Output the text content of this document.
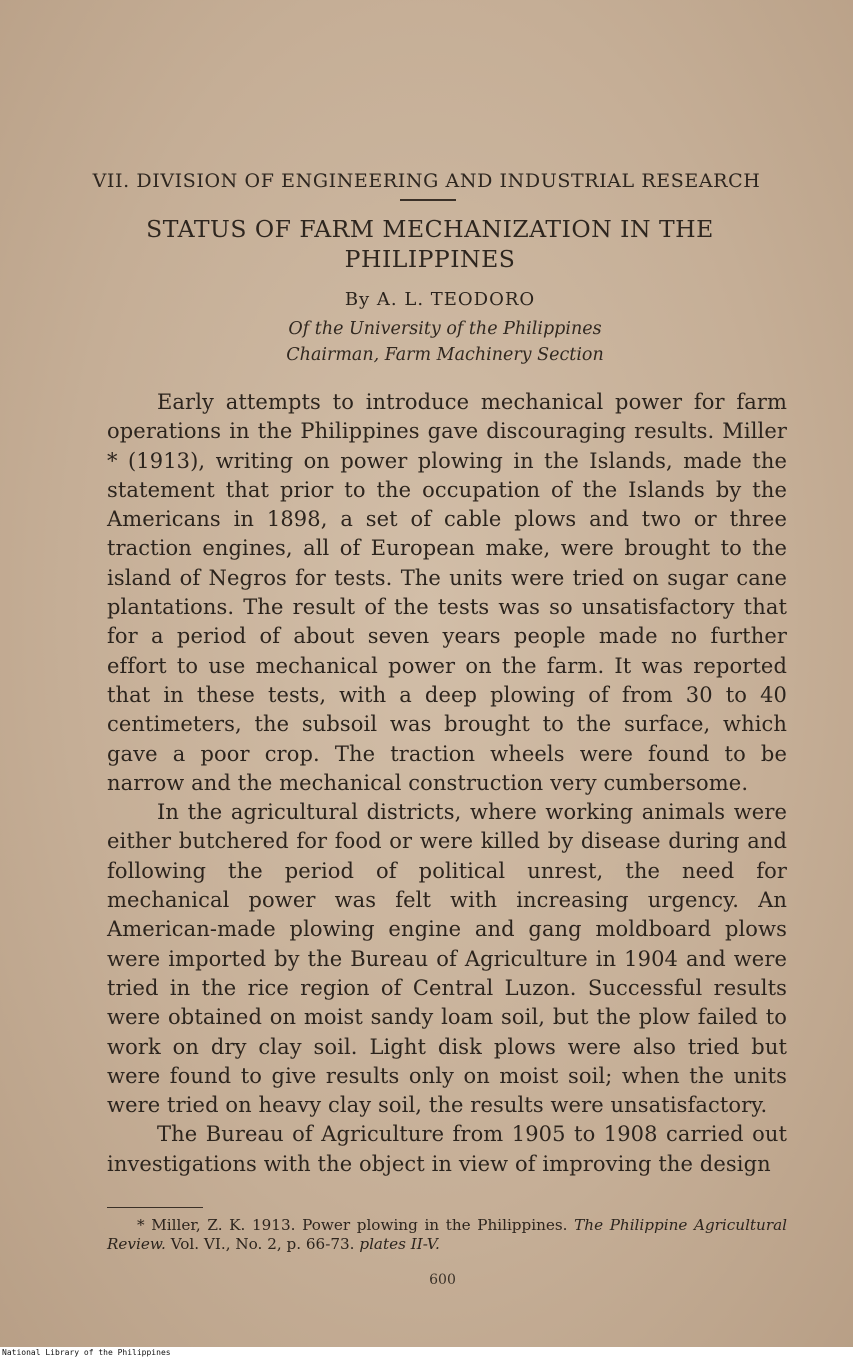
VII. DIVISION OF ENGINEERING AND INDUSTRIAL RESEARCH
STATUS OF FARM MECHANIZATION IN THE
PHILIPPINES
By A. L. TEODORO
Of the University of the Philippines
Chairman, Farm Machinery Section

Early attempts to introduce mechanical power for farm operations in the Philippines gave discouraging results. Miller * (1913), writing on power plowing in the Islands, made the statement that prior to the occupation of the Islands by the Americans in 1898, a set of cable plows and two or three traction engines, all of European make, were brought to the island of Negros for tests. The units were tried on sugar cane plantations. The result of the tests was so unsatisfactory that for a period of about seven years people made no further effort to use mechanical power on the farm. It was reported that in these tests, with a deep plowing of from 30 to 40 centimeters, the subsoil was brought to the surface, which gave a poor crop. The traction wheels were found to be narrow and the mechanical construction very cumbersome.

In the agricultural districts, where working animals were either butchered for food or were killed by disease during and following the period of political unrest, the need for mechanical power was felt with increasing urgency. An American-made plowing engine and gang moldboard plows were imported by the Bureau of Agriculture in 1904 and were tried in the rice region of Central Luzon. Successful results were obtained on moist sandy loam soil, but the plow failed to work on dry clay soil. Light disk plows were also tried but were found to give results only on moist soil; when the units were tried on heavy clay soil, the results were unsatisfactory.

The Bureau of Agriculture from 1905 to 1908 carried out investigations with the object in view of improving the design

* Miller, Z. K. 1913. Power plowing in the Philippines. The Philippine Agricultural Review. Vol. VI., No. 2, p. 66-73. plates II-V.

600
National Library of the Philippines
